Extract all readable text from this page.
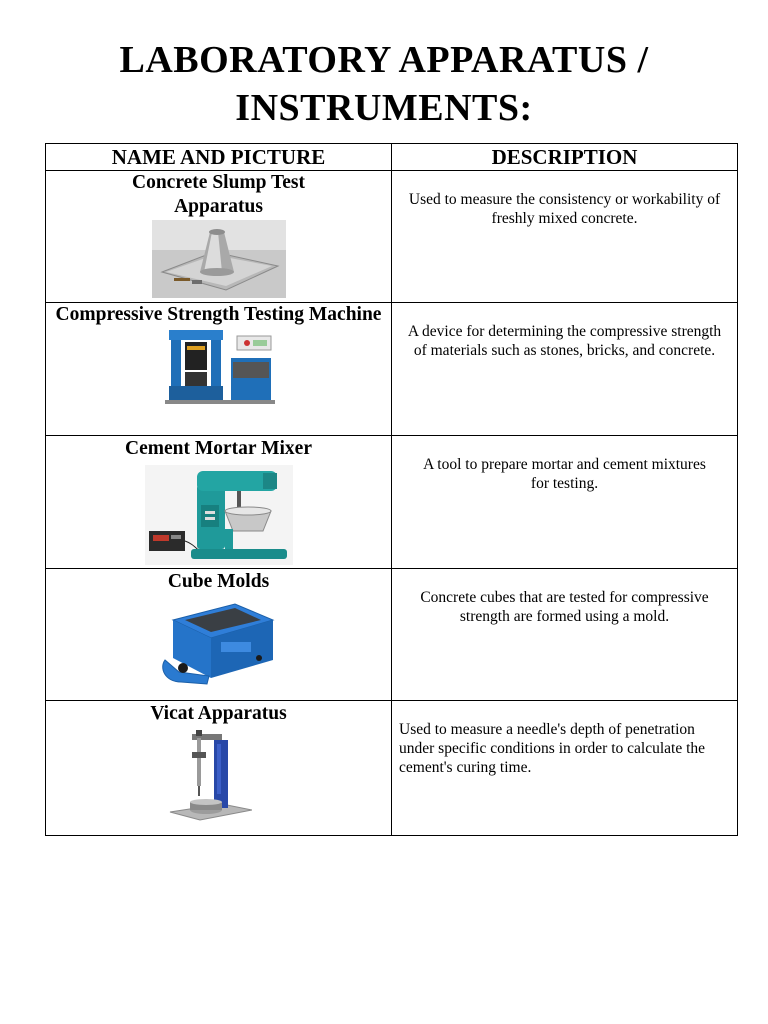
LABORATORY APPARATUS /
INSTRUMENTS:
NAME AND PICTURE	DESCRIPTION

Concrete Slump Test Apparatus	Used to measure the consistency or workability of freshly mixed concrete.

Compressive Strength Testing Machine	A device for determining the compressive strength of materials such as stones, bricks, and concrete.

Cement Mortar Mixer	A tool to prepare mortar and cement mixtures for testing.

Cube Molds	Concrete cubes that are tested for compressive strength are formed using a mold.

Vicat Apparatus	Used to measure a needle's depth of penetration under specific conditions in order to calculate the cement's curing time.
